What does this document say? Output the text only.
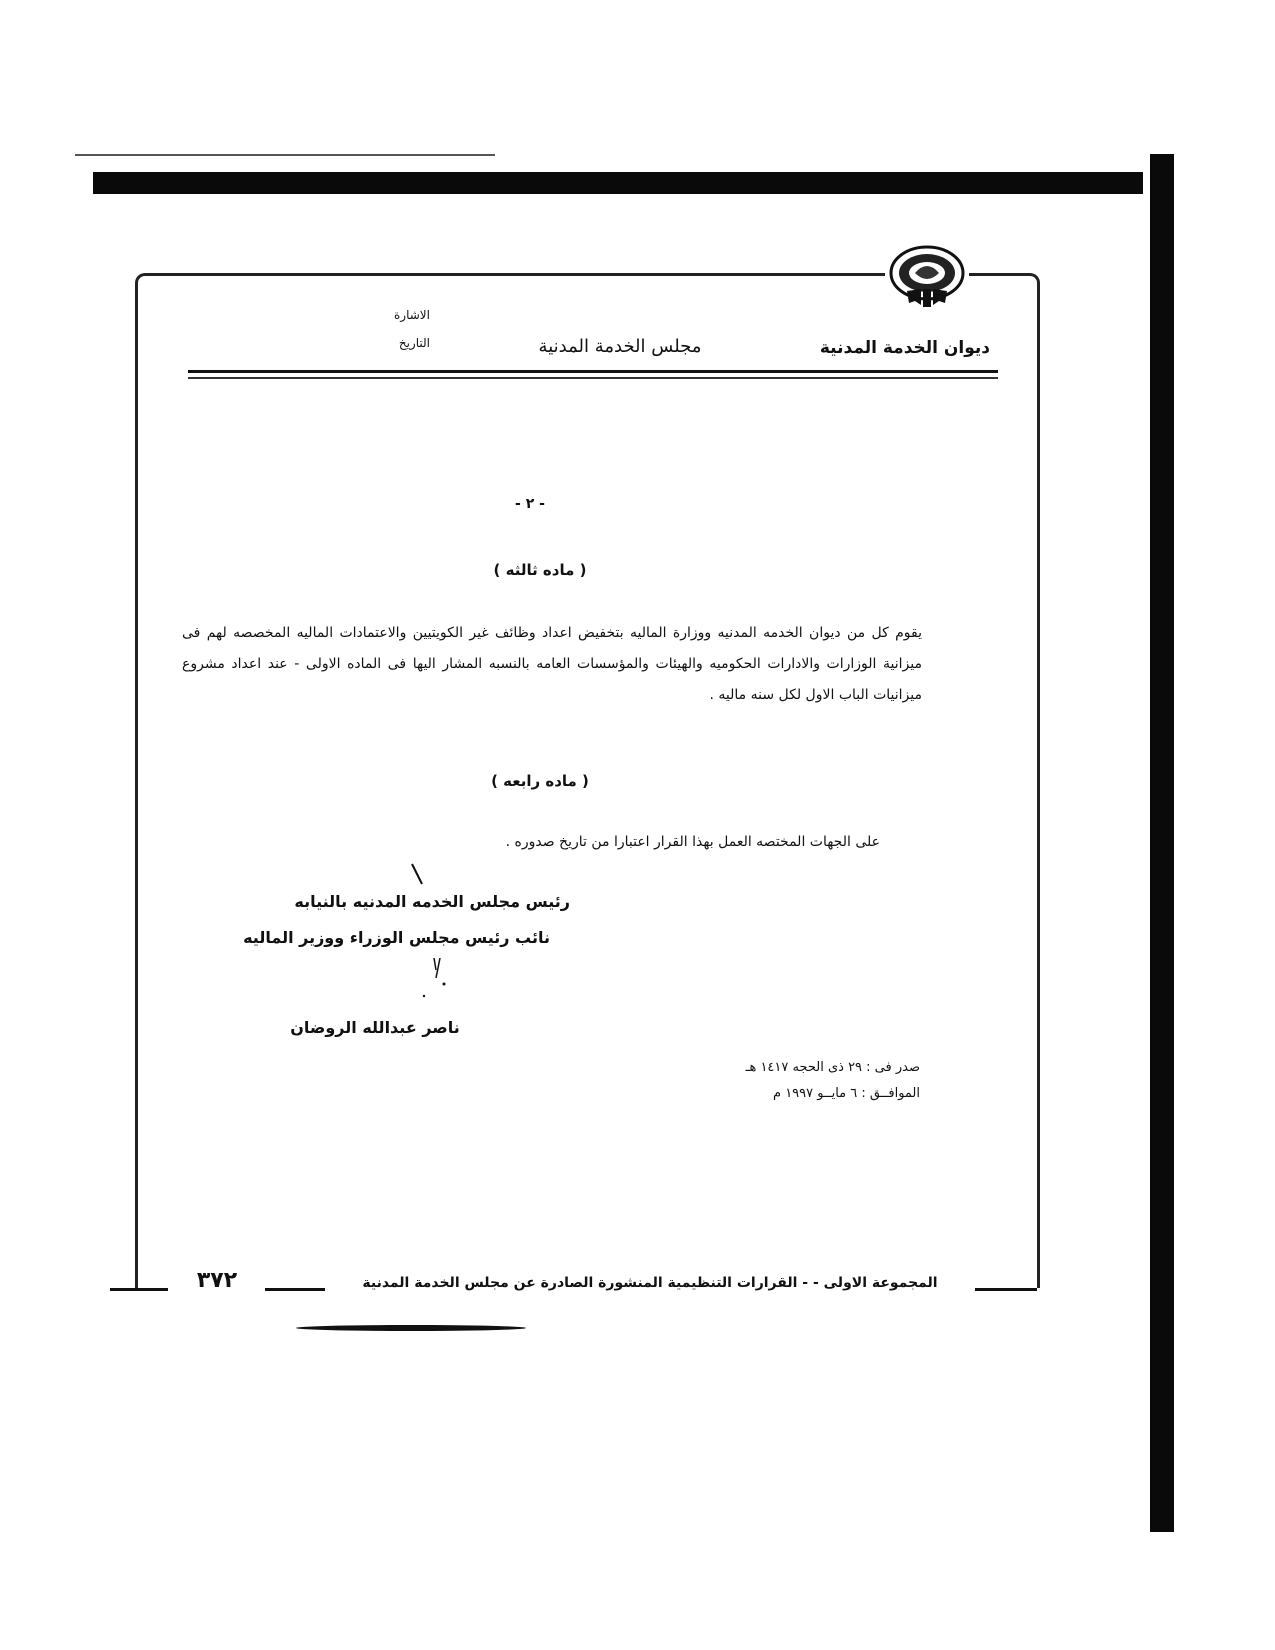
ديوان الخدمة المدنية
مجلس الخدمة المدنية
الاشارة
التاريخ
- ٢ -
( ماده ثالثه )
يقوم كل من ديوان الخدمه المدنيه ووزارة الماليه بتخفيض اعداد وظائف غير الكويتيين والاعتمادات الماليه المخصصه لهم فى ميزانية الوزارات والادارات الحكوميه والهيئات والمؤسسات العامه بالنسبه المشار اليها فى الماده الاولى - عند اعداد مشروع ميزانيات الباب الاول لكل سنه ماليه .
( ماده رابعه )
على الجهات المختصه العمل بهذا القرار اعتبارا من تاريخ صدوره .
رئيس مجلس الخدمه المدنيه بالنيابه
نائب رئيس مجلس الوزراء ووزير الماليه
ناصر عبدالله الروضان
صدر فى : ٢٩ ذى الحجه ١٤١٧ هـ
الموافــق : ٦ مايــو ١٩٩٧ م
٣٧٢	المجموعة الاولى - - القرارات التنظيمية المنشورة الصادرة عن مجلس الخدمة المدنية
